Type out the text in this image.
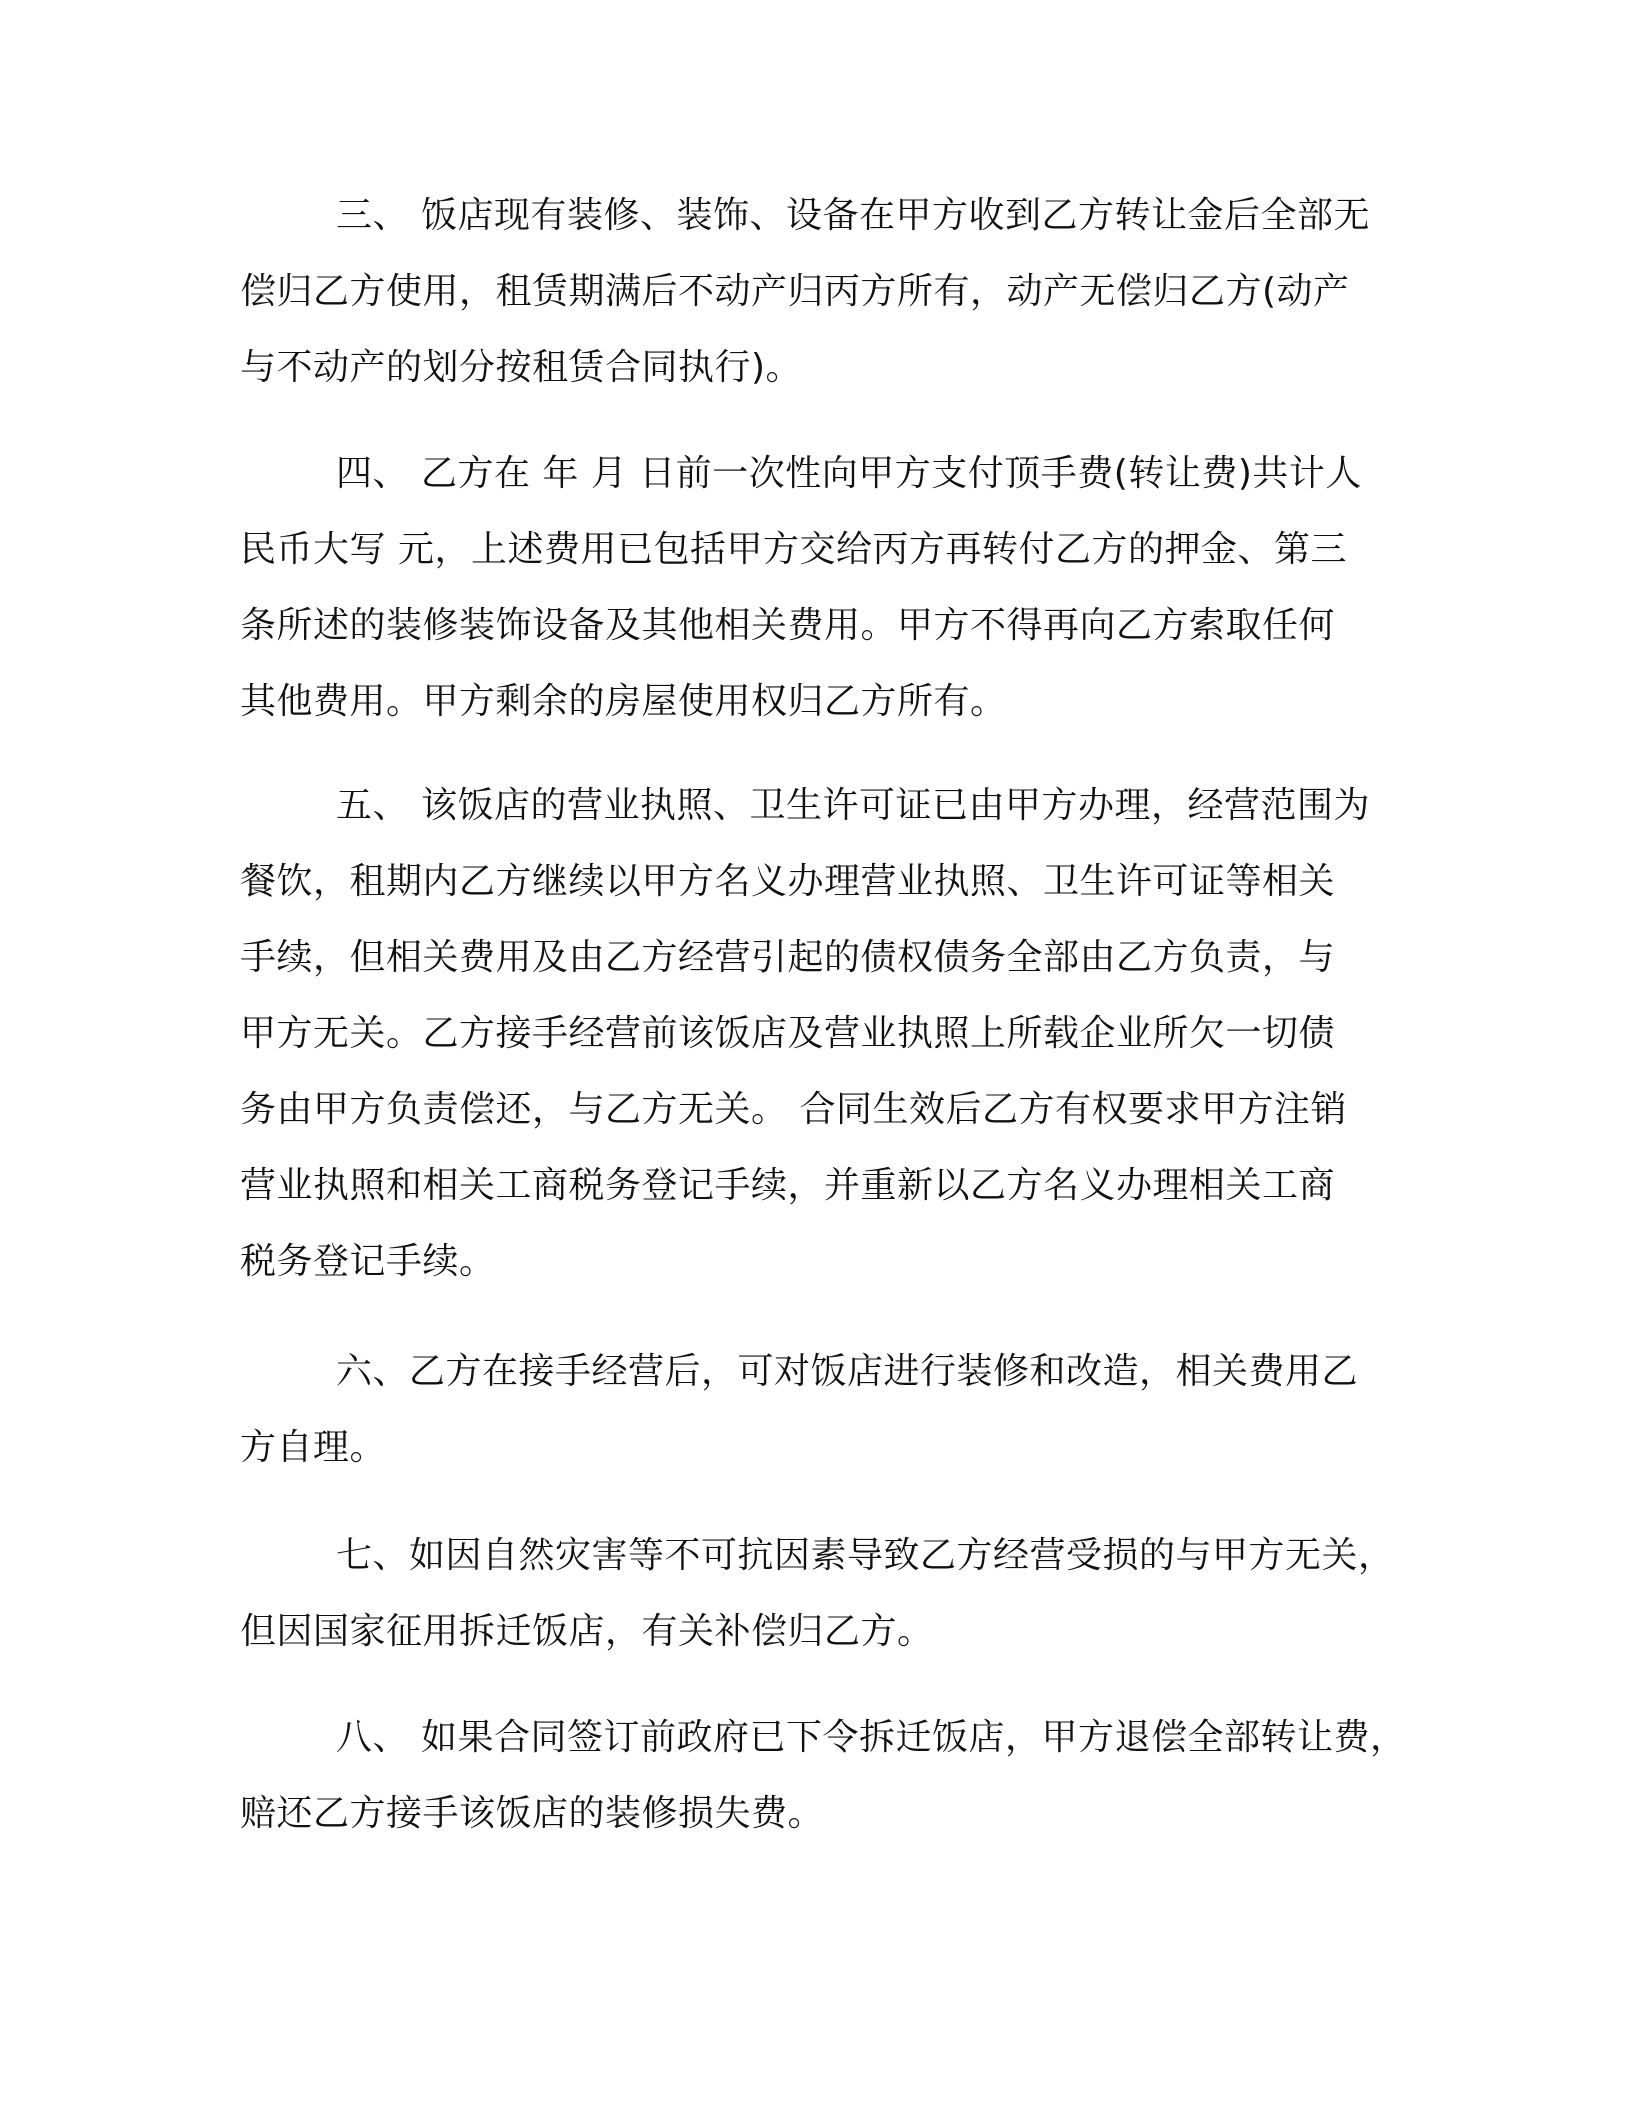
三、 饭店现有装修、装饰、设备在甲方收到乙方转让金后全部无
偿归乙方使用，租赁期满后不动产归丙方所有，动产无偿归乙方(动产
与不动产的划分按租赁合同执行)。
四、 乙方在 年 月 日前一次性向甲方支付顶手费(转让费)共计人
民币大写 元，上述费用已包括甲方交给丙方再转付乙方的押金、第三
条所述的装修装饰设备及其他相关费用。甲方不得再向乙方索取任何
其他费用。甲方剩余的房屋使用权归乙方所有。
五、 该饭店的营业执照、卫生许可证已由甲方办理，经营范围为
餐饮，租期内乙方继续以甲方名义办理营业执照、卫生许可证等相关
手续，但相关费用及由乙方经营引起的债权债务全部由乙方负责，与
甲方无关。乙方接手经营前该饭店及营业执照上所载企业所欠一切债
务由甲方负责偿还，与乙方无关。 合同生效后乙方有权要求甲方注销
营业执照和相关工商税务登记手续，并重新以乙方名义办理相关工商
税务登记手续。
六、乙方在接手经营后，可对饭店进行装修和改造，相关费用乙
方自理。
七、如因自然灾害等不可抗因素导致乙方经营受损的与甲方无关，
但因国家征用拆迁饭店，有关补偿归乙方。
八、 如果合同签订前政府已下令拆迁饭店，甲方退偿全部转让费，
赔还乙方接手该饭店的装修损失费。
